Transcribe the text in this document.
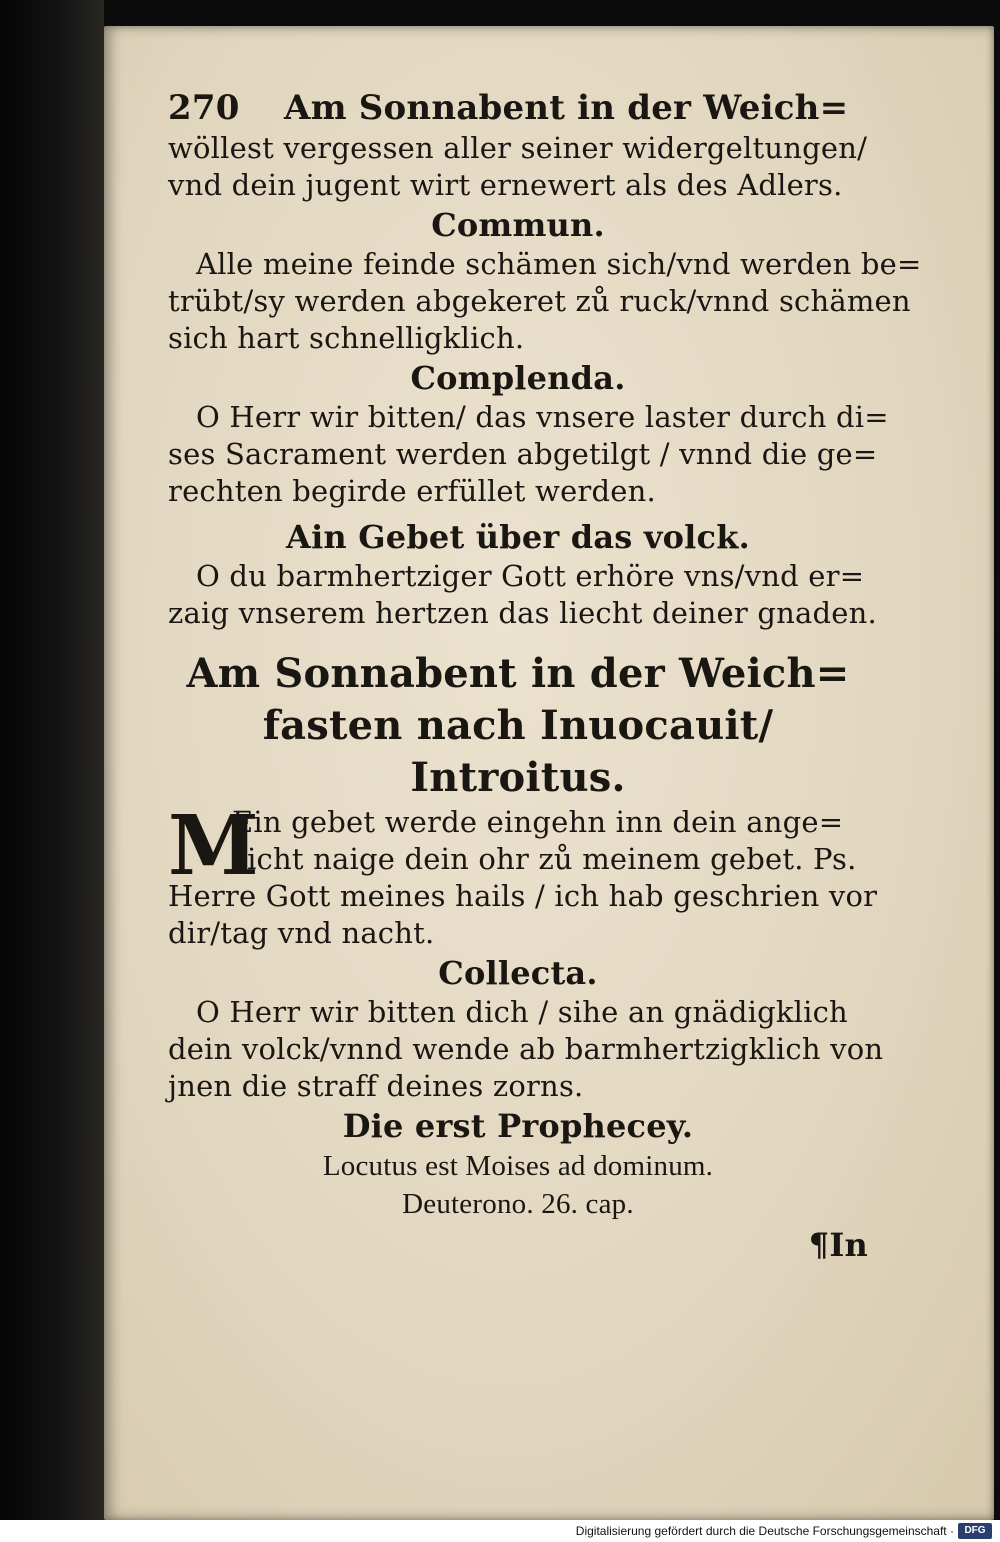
270 Am Sonnabent in der Weich=
wöllest vergessen aller seiner widergeltungen/
vnd dein jugent wirt ernewert als des Adlers.
Commun.
Alle meine feinde schämen sich/vnd werden be=
trübt/sy werden abgekeret zů ruck/vnnd schämen
sich hart schnelligklich.
Complenda.
O Herr wir bitten/ das vnsere laster durch di=
ses Sacrament werden abgetilgt / vnnd die ge=
rechten begirde erfüllet werden.
Ain Gebet über das volck.
O du barmhertziger Gott erhöre vns/vnd er=
zaig vnserem hertzen das liecht deiner gnaden.
Am Sonnabent in der Weich=
fasten nach Inuocauit/
Introitus.
M
Ein gebet werde eingehn inn dein ange=
sicht naige dein ohr zů meinem gebet. Ps.
Herre Gott meines hails / ich hab geschrien vor
dir/tag vnd nacht.
Collecta.
O Herr wir bitten dich / sihe an gnädigklich
dein volck/vnnd wende ab barmhertzigklich von
jnen die straff deines zorns.
Die erst Prophecey.
Locutus est Moises ad dominum.
Deuterono. 26. cap.
¶In
Digitalisierung gefördert durch die Deutsche Forschungsgemeinschaft ·	DFG
